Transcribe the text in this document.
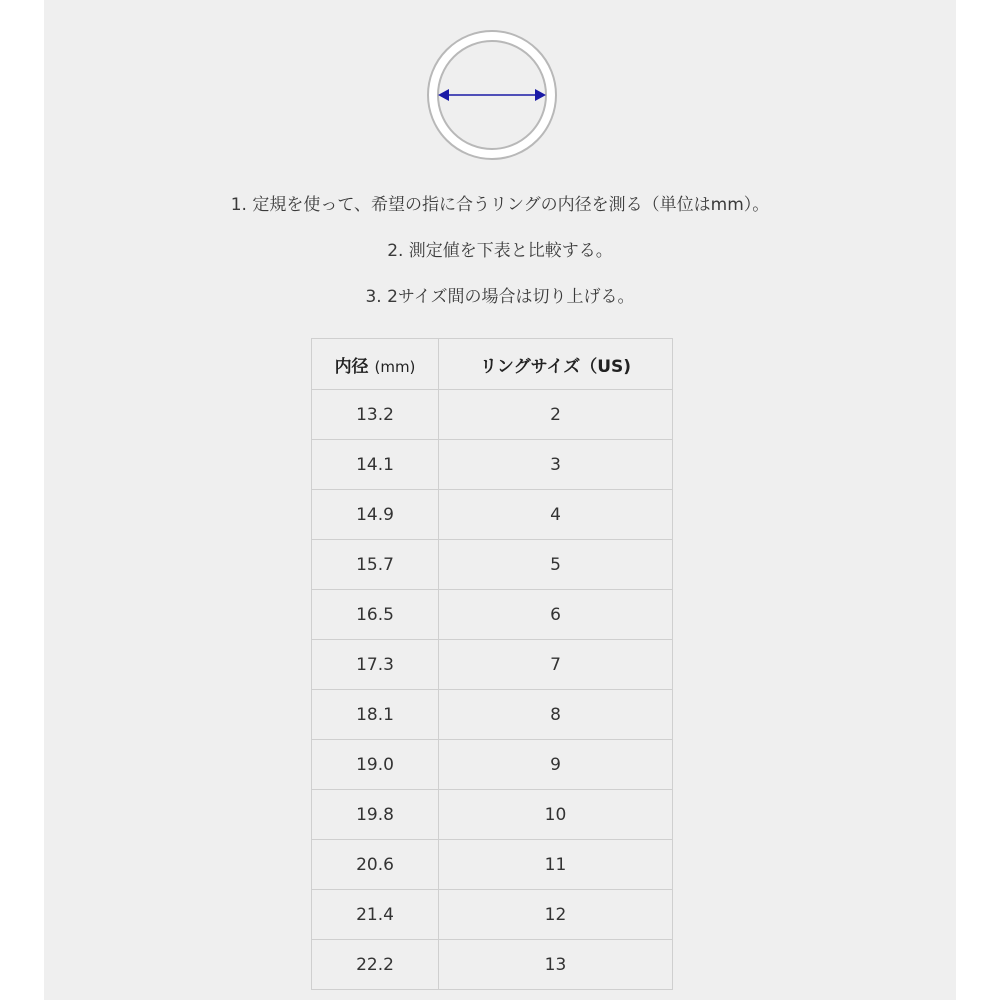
1. 定規を使って、希望の指に合うリングの内径を測る（単位はmm）。

2. 測定値を下表と比較する。

3. 2サイズ間の場合は切り上げる。

内径 (mm)	リングサイズ（US)
13.2	2
14.1	3
14.9	4
15.7	5
16.5	6
17.3	7
18.1	8
19.0	9
19.8	10
20.6	11
21.4	12
22.2	13
